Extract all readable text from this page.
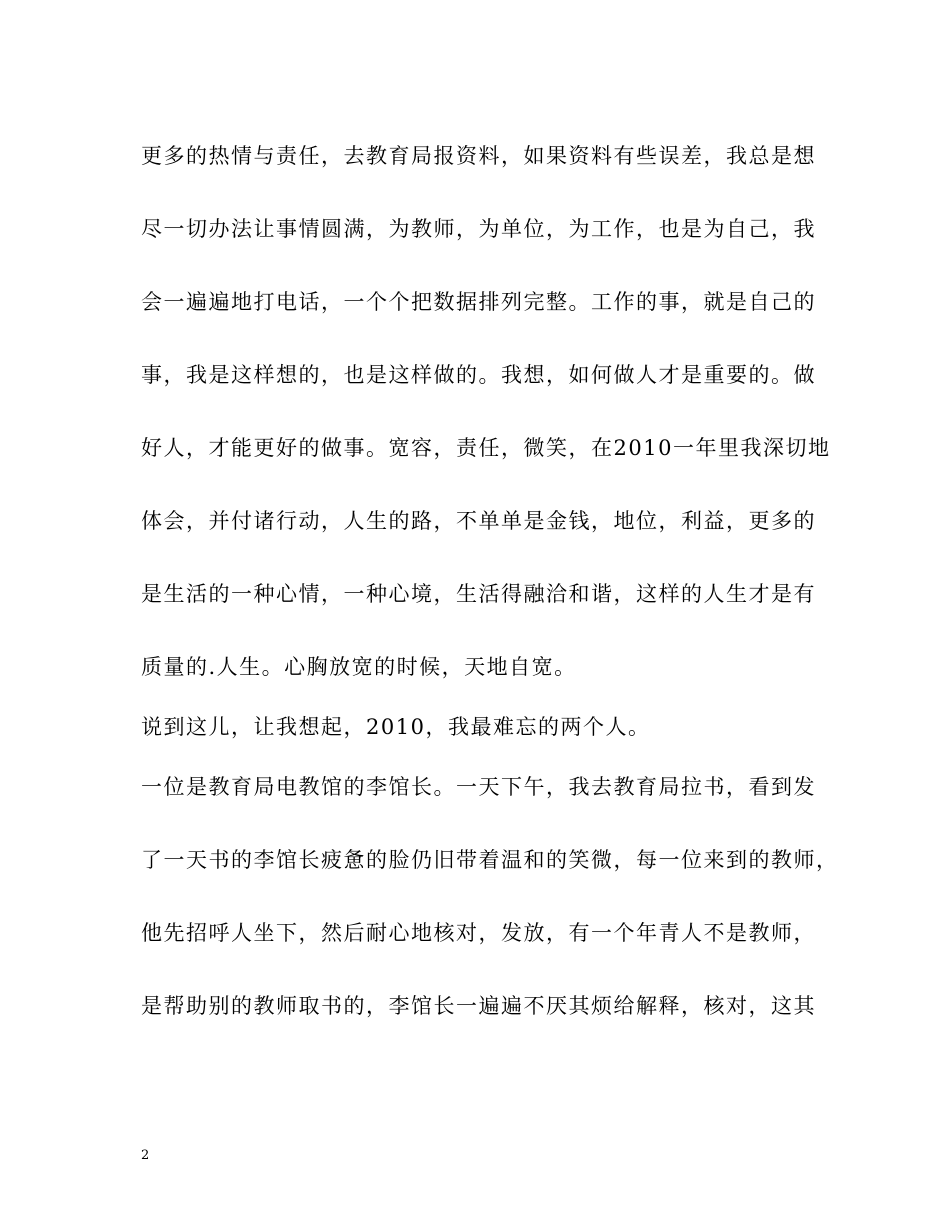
更多的热情与责任，去教育局报资料，如果资料有些误差，我总是想
尽一切办法让事情圆满，为教师，为单位，为工作，也是为自己，我
会一遍遍地打电话，一个个把数据排列完整。工作的事，就是自己的
事，我是这样想的，也是这样做的。我想，如何做人才是重要的。做
好人，才能更好的做事。宽容，责任，微笑，在2010一年里我深切地
体会，并付诸行动，人生的路，不单单是金钱，地位，利益，更多的
是生活的一种心情，一种心境，生活得融洽和谐，这样的人生才是有
质量的.人生。心胸放宽的时候，天地自宽。
说到这儿，让我想起，2010，我最难忘的两个人。
一位是教育局电教馆的李馆长。一天下午，我去教育局拉书，看到发
了一天书的李馆长疲惫的脸仍旧带着温和的笑微，每一位来到的教师，
他先招呼人坐下，然后耐心地核对，发放，有一个年青人不是教师，
是帮助别的教师取书的，李馆长一遍遍不厌其烦给解释，核对，这其
2
